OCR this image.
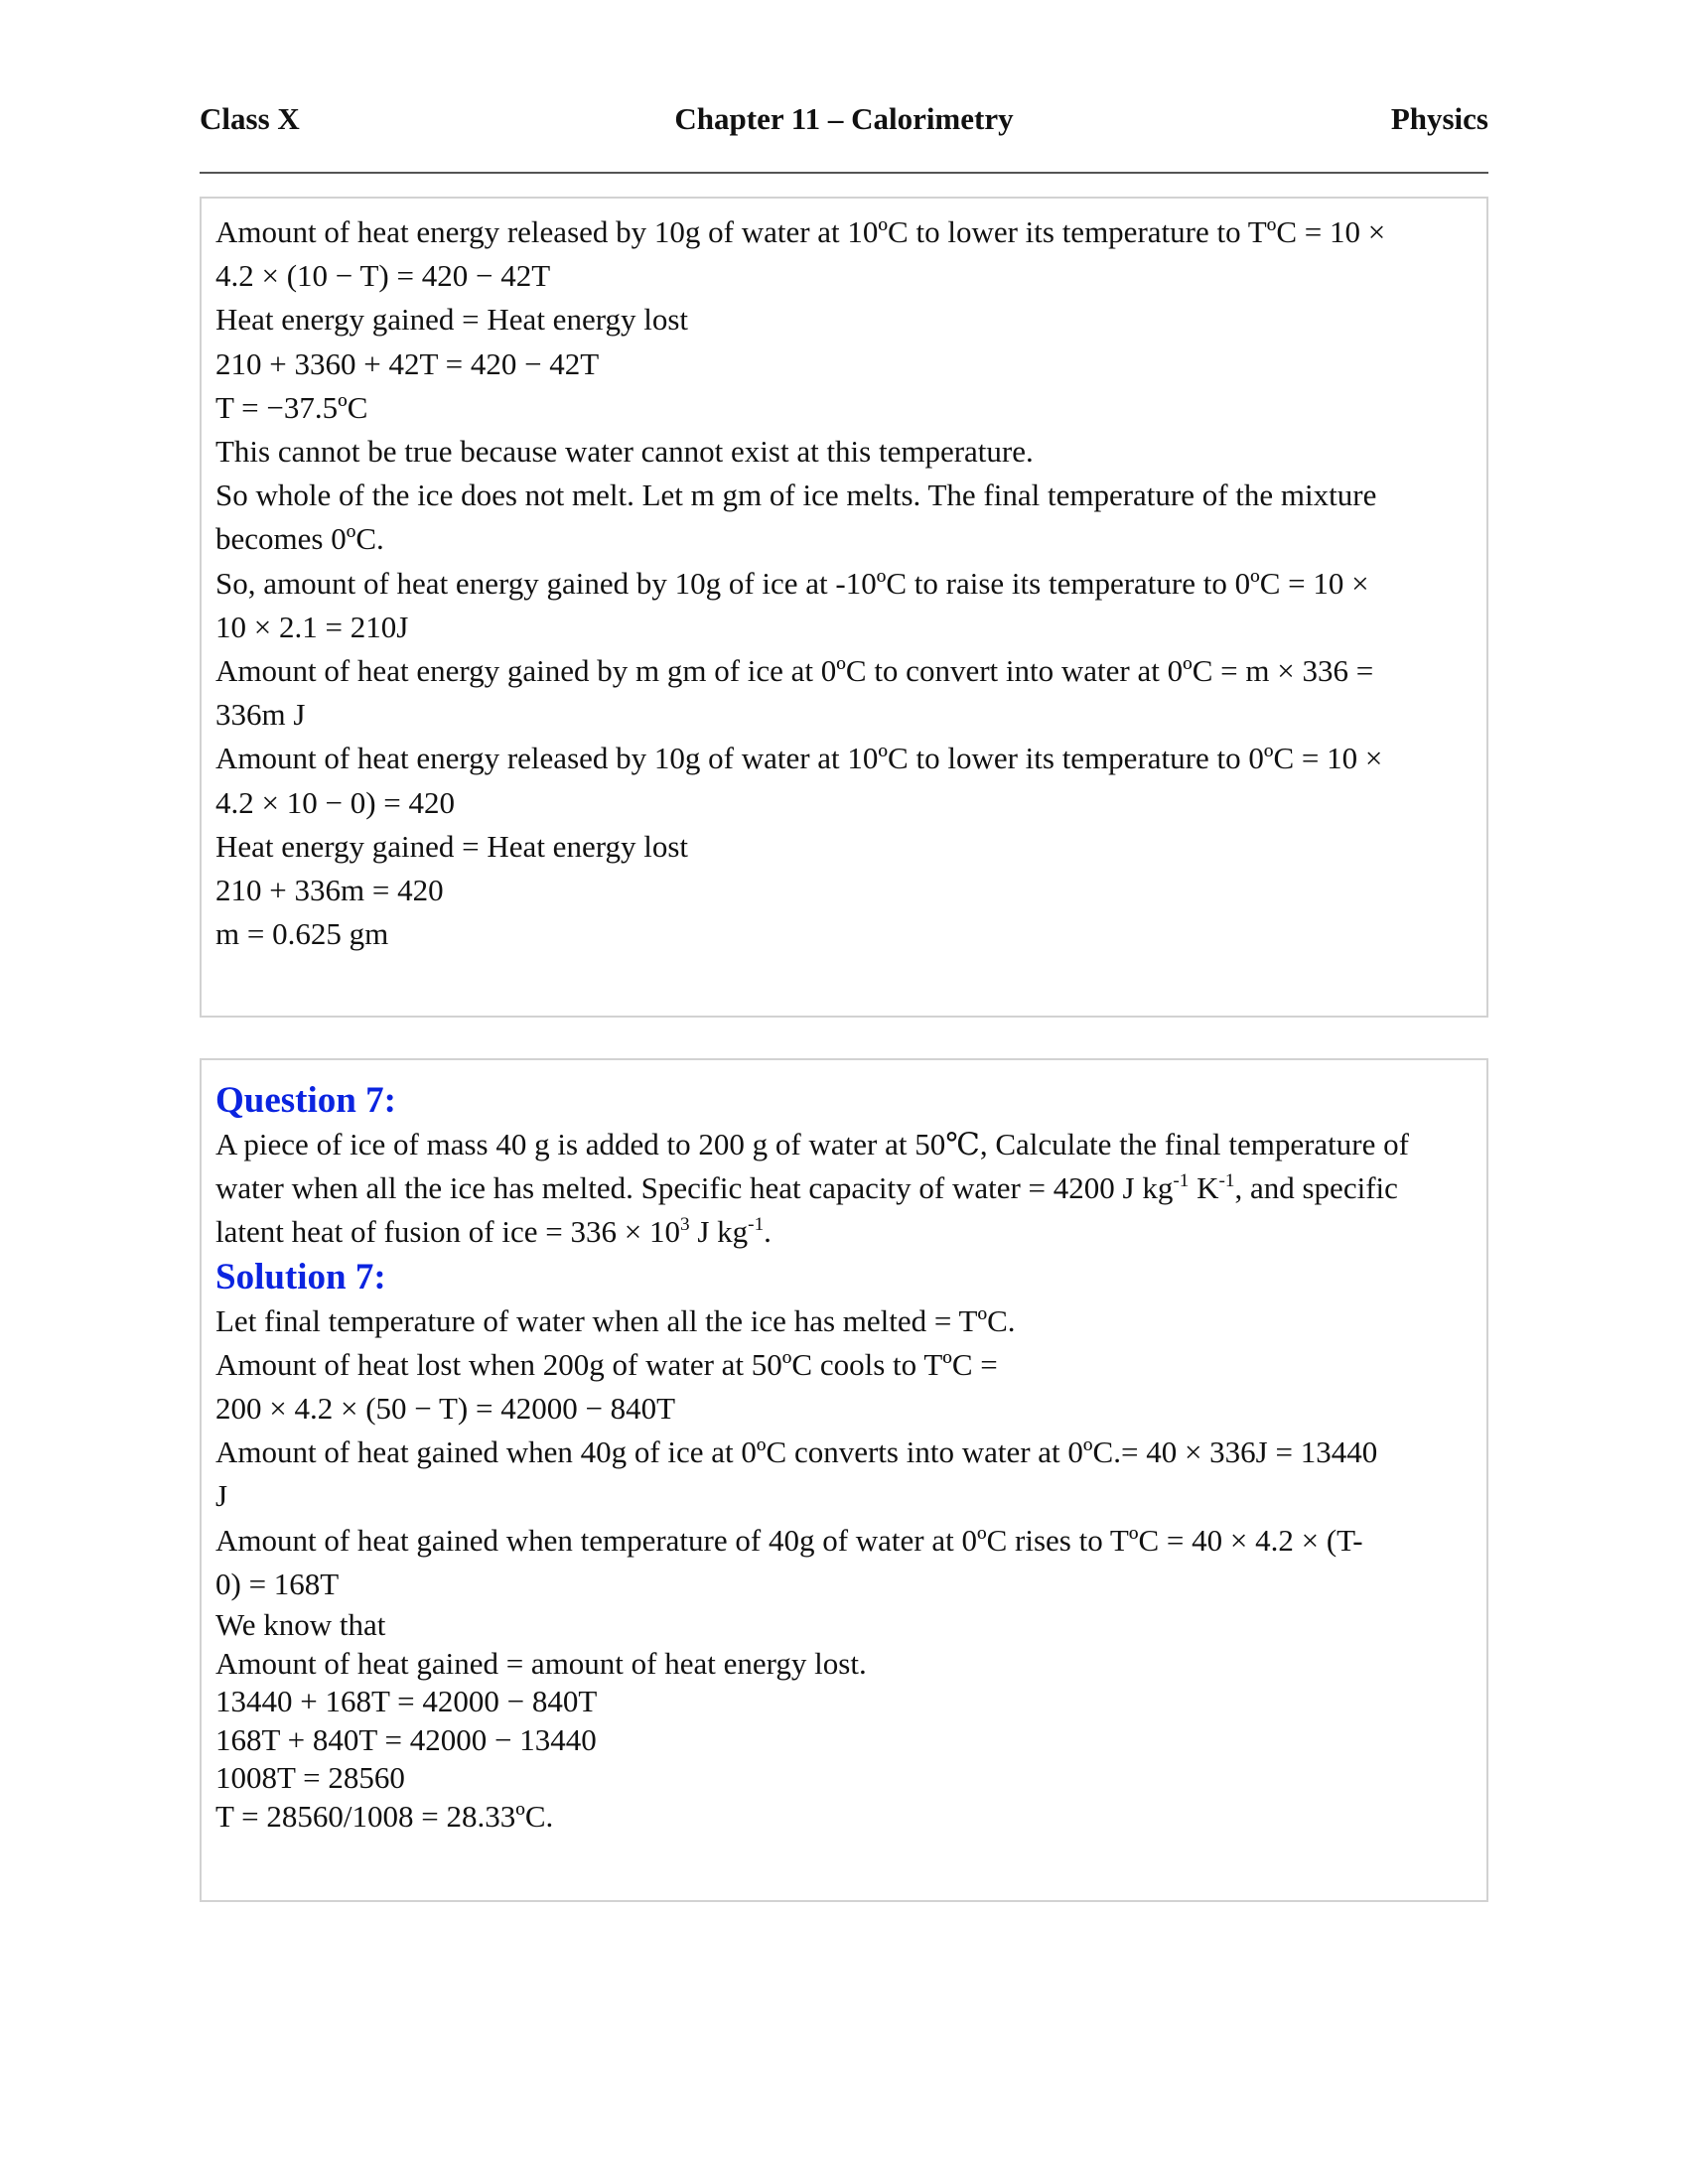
Class X	Chapter 11 – Calorimetry	Physics
Amount of heat energy released by 10g of water at 10ºC to lower its temperature to TºC = 10 ×
4.2 × (10 − T) = 420 − 42T
Heat energy gained = Heat energy lost
210 + 3360 + 42T = 420 − 42T
T = −37.5ºC
This cannot be true because water cannot exist at this temperature.
So whole of the ice does not melt. Let m gm of ice melts. The final temperature of the mixture
becomes 0ºC.
So, amount of heat energy gained by 10g of ice at -10ºC to raise its temperature to 0ºC = 10 ×
10 × 2.1 = 210J
Amount of heat energy gained by m gm of ice at 0ºC to convert into water at 0ºC = m × 336 =
336m J
Amount of heat energy released by 10g of water at 10ºC to lower its temperature to 0ºC = 10 ×
4.2 × 10 − 0) = 420
Heat energy gained = Heat energy lost
210 + 336m = 420
m = 0.625 gm
Question 7:
A piece of ice of mass 40 g is added to 200 g of water at 50℃, Calculate the final temperature of
water when all the ice has melted. Specific heat capacity of water = 4200 J $kg^{-1}$ $K^{-1}$, and specific
latent heat of fusion of ice = $336 \times 10^3$ J $kg^{-1}$.
Solution 7:
Let final temperature of water when all the ice has melted = TºC.
Amount of heat lost when 200g of water at 50ºC cools to TºC =
200 × 4.2 × (50 − T) = 42000 − 840T
Amount of heat gained when 40g of ice at 0ºC converts into water at 0ºC.= 40 × 336J = 13440
J
Amount of heat gained when temperature of 40g of water at 0ºC rises to TºC = 40 × 4.2 × (T-
0) = 168T
We know that
Amount of heat gained = amount of heat energy lost.
13440 + 168T = 42000 − 840T
168T + 840T = 42000 − 13440
1008T = 28560
T = 28560/1008 = 28.33ºC.
